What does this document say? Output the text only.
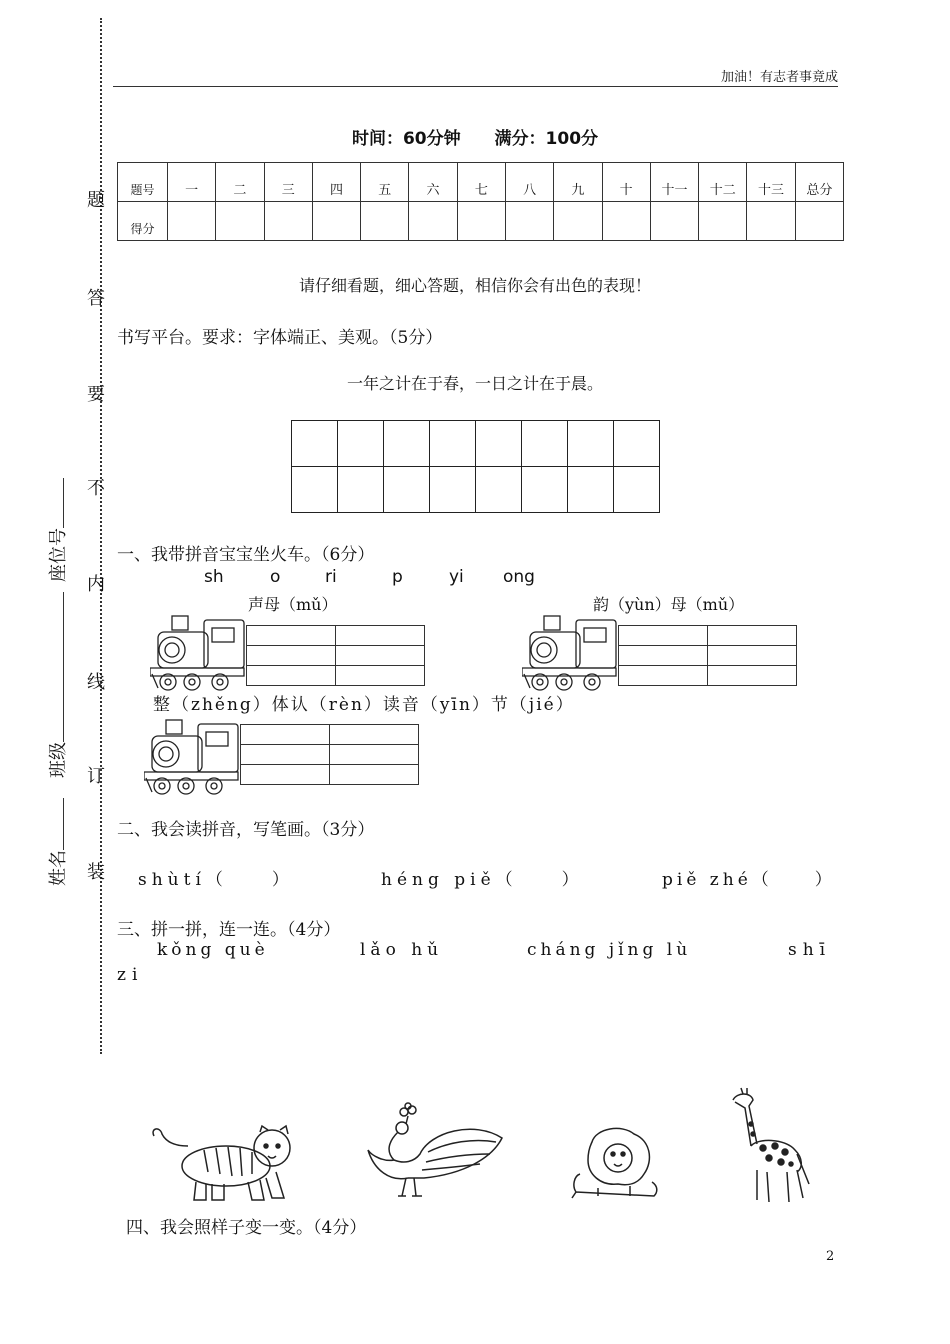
题
答
要
不
内
线
订
装
姓名
班级
座位号
加油！有志者事竟成
时间：60分钟 满分：100分
题号	一	二	三	四	五	六	七	八	九	十	十一	十二	十三	总分
得分														
请仔细看题，细心答题，相信你会有出色的表现！
书写平台。要求：字体端正、美观。（5分）
一年之计在于春，一日之计在于晨。
一、我带拼音宝宝坐火车。（6分）
sh	o	ri	p	yi ong
声母（mǔ）	韵（yùn）母（mǔ）
整（zhěng）体认（rèn）读音（yīn）节（jié）
二、我会读拼音，写笔画。（3分）
shùtí（　　）	héng piě（　　）	piě zhé（　　）
三、拼一拼，连一连。（4分）
kǒng què	lǎo hǔ	cháng jǐng lù	shī
zi
四、我会照样子变一变。（4分）
2
